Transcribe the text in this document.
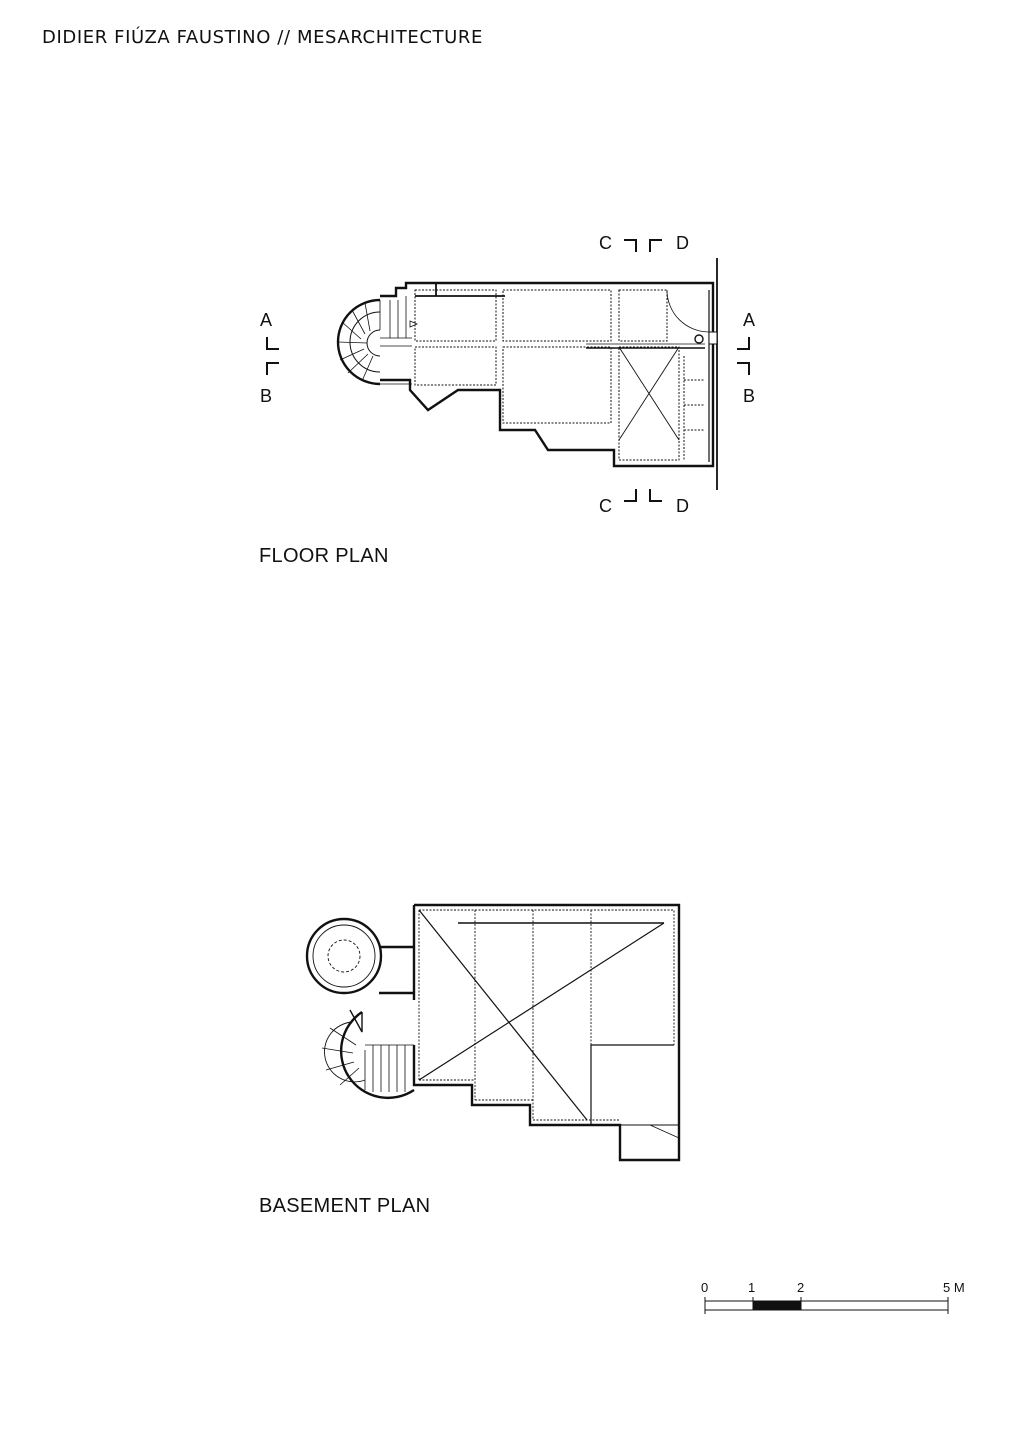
DIDIER FIÚZA FAUSTINO // MESARCHITECTURE
A
B
A
B
C	D
C	D
0	1	2	5 M
FLOOR PLAN
BASEMENT PLAN
